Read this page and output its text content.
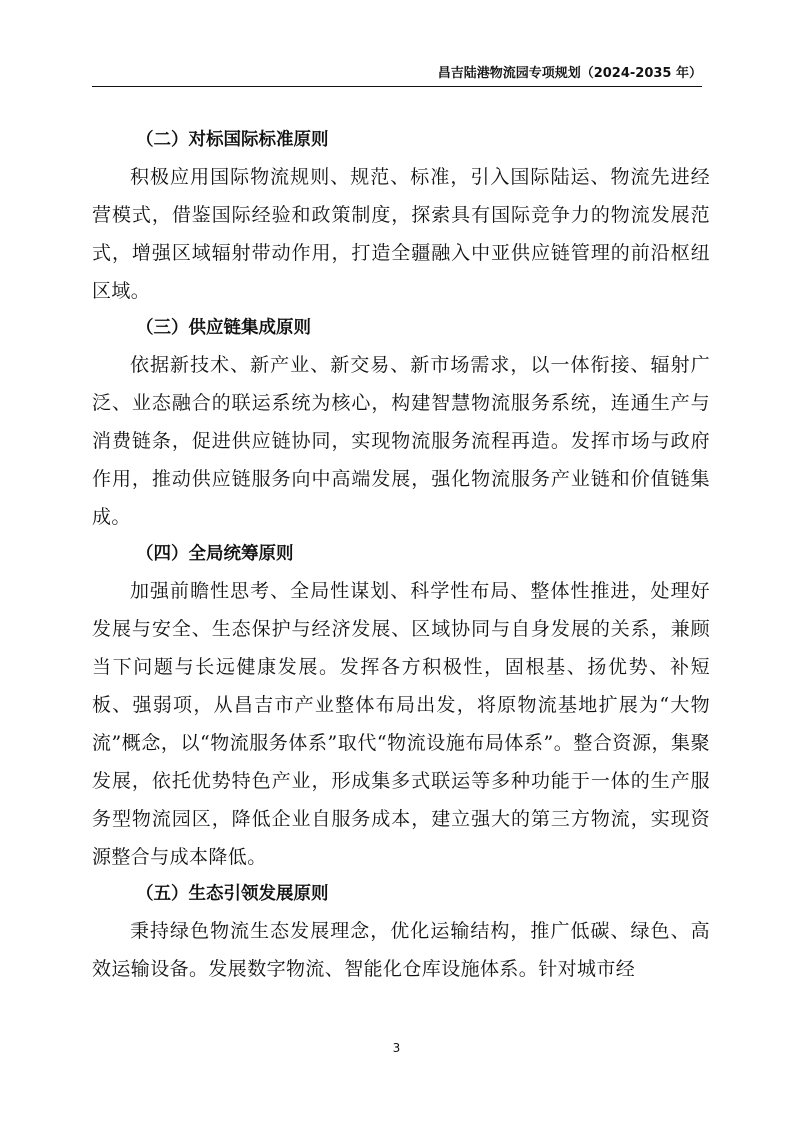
昌吉陆港物流园专项规划（2024-2035 年）

（二）对标国际标准原则

积极应用国际物流规则、规范、标准，引入国际陆运、物流先进经营模式，借鉴国际经验和政策制度，探索具有国际竞争力的物流发展范式，增强区域辐射带动作用，打造全疆融入中亚供应链管理的前沿枢纽区域。

（三）供应链集成原则

依据新技术、新产业、新交易、新市场需求，以一体衔接、辐射广泛、业态融合的联运系统为核心，构建智慧物流服务系统，连通生产与消费链条，促进供应链协同，实现物流服务流程再造。发挥市场与政府作用，推动供应链服务向中高端发展，强化物流服务产业链和价值链集成。

（四）全局统筹原则

加强前瞻性思考、全局性谋划、科学性布局、整体性推进，处理好发展与安全、生态保护与经济发展、区域协同与自身发展的关系，兼顾当下问题与长远健康发展。发挥各方积极性，固根基、扬优势、补短板、强弱项，从昌吉市产业整体布局出发，将原物流基地扩展为“大物流”概念，以“物流服务体系”取代“物流设施布局体系”。整合资源，集聚发展，依托优势特色产业，形成集多式联运等多种功能于一体的生产服务型物流园区，降低企业自服务成本，建立强大的第三方物流，实现资源整合与成本降低。

（五）生态引领发展原则

秉持绿色物流生态发展理念，优化运输结构，推广低碳、绿色、高效运输设备。发展数字物流、智能化仓库设施体系。针对城市经

3
